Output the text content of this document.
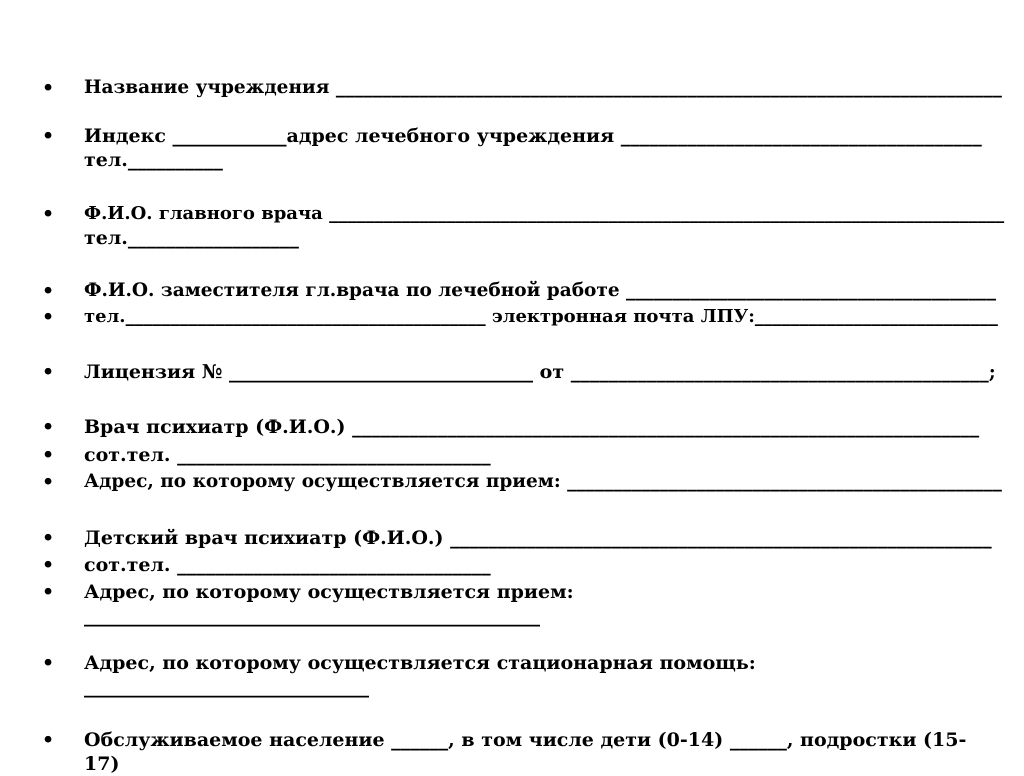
• Название учреждения ________________________________________________________________________
• Индекс ____________адрес лечебного учреждения ______________________________________
тел.__________
• Ф.И.О. главного врача ___________________________________________________________________________
тел.__________________
• Ф.И.О. заместителя гл.врача по лечебной работе ________________________________________
• тел.________________________________________ электронная почта ЛПУ:___________________________
• Лицензия № ________________________________ от ____________________________________________;
• Врач психиатр (Ф.И.О.) __________________________________________________________________
• сот.тел. _________________________________
• Адрес, по которому осуществляется прием: _______________________________________________
• Детский врач психиатр (Ф.И.О.) _________________________________________________________
• сот.тел. _________________________________
• Адрес, по которому осуществляется прием:
________________________________________________
• Адрес, по которому осуществляется стационарная помощь:
______________________________
• Обслуживаемое население ______, в том числе дети (0-14) ______, подростки (15-
17)
